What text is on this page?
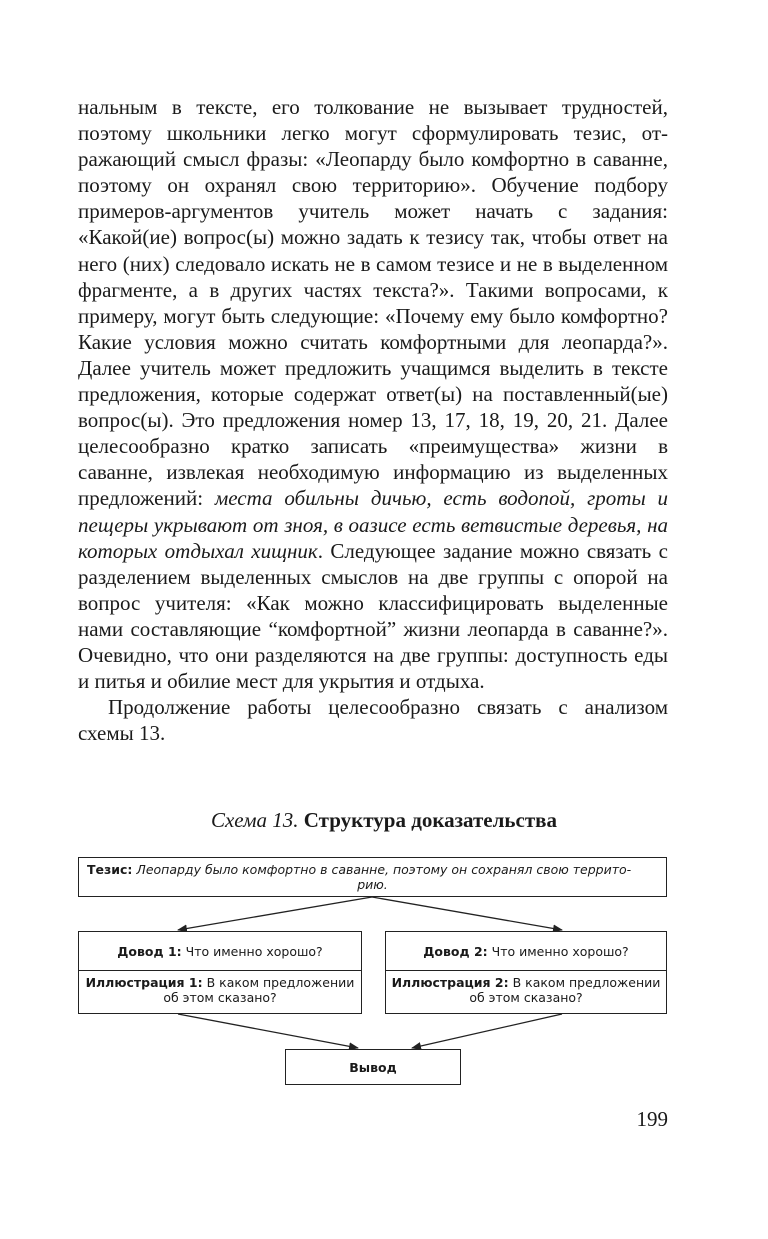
нальным в тексте, его толкование не вызывает трудностей, поэтому школьники легко могут сформулировать тезис, отражающий смысл фразы: «Леопарду было комфортно в саванне, поэтому он охранял свою территорию». Обучение подбору примеров-аргументов учитель может начать с задания: «Какой(ие) вопрос(ы) можно задать к тезису так, чтобы ответ на него (них) следовало искать не в самом тезисе и не в выделенном фрагменте, а в других частях текста?». Такими вопросами, к примеру, могут быть следующие: «Почему ему было комфортно? Какие условия можно считать комфортными для леопарда?». Далее учитель может предложить учащимся выделить в тексте предложения, которые содержат ответ(ы) на поставленный(ые) вопрос(ы). Это предложения номер 13, 17, 18, 19, 20, 21. Далее целесообразно кратко записать «преимущества» жизни в саванне, извлекая необходимую информацию из выделенных предложений: места обильны дичью, есть водопой, гроты и пещеры укрывают от зноя, в оазисе есть ветвистые деревья, на которых отдыхал хищник. Следующее задание можно связать с разделением выделенных смыслов на две группы с опорой на вопрос учителя: «Как можно классифицировать выделенные нами составляющие “комфортной” жизни леопарда в саванне?». Очевидно, что они разделяются на две группы: доступность еды и питья и обилие мест для укрытия и отдыха.

Продолжение работы целесообразно связать с анализом схемы 13.

Схема 13. Структура доказательства
Тезис: Леопарду было комфортно в саванне, поэтому он сохранял свою террито-
рию.
Довод 1: Что именно хорошо?	Довод 2: Что именно хорошо?
Иллюстрация 1: В каком предложении
об этом сказано?
Иллюстрация 2: В каком предложении
об этом сказано?
Вывод
199
